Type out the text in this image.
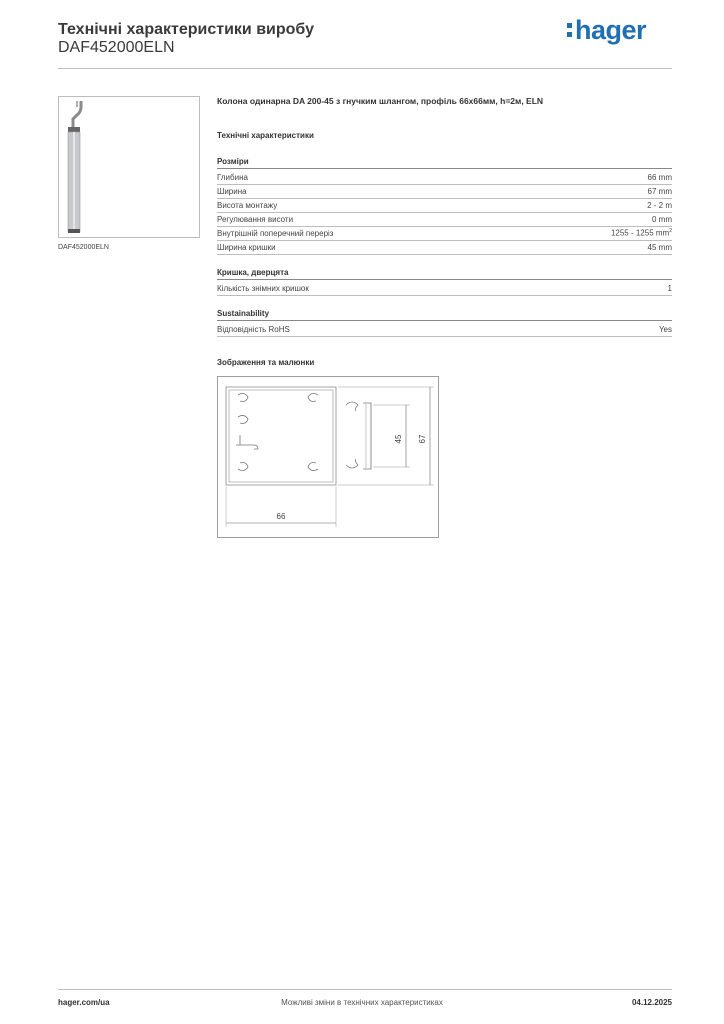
Технічні характеристики виробу
DAF452000ELN
hager
DAF452000ELN
Колона одинарна DA 200-45 з гнучким шлангом, профіль 66х66мм, h=2м, ELN
Технічні характеристики
Розміри
Глибина	66 mm
Ширина	67 mm
Висота монтажу	2 - 2 m
Регулювання висоти	0 mm
Внутрішній поперечний переріз	1255 - 1255 $mm^2$
Ширина кришки	45 mm
Кришка, дверцята
Кількість знімних кришок	1
Sustainability
Відповідність RoHS	Yes
Зображення та малюнки
66
45 67
hager.com/ua	Можливі зміни в технічних характеристиках	04.12.2025
